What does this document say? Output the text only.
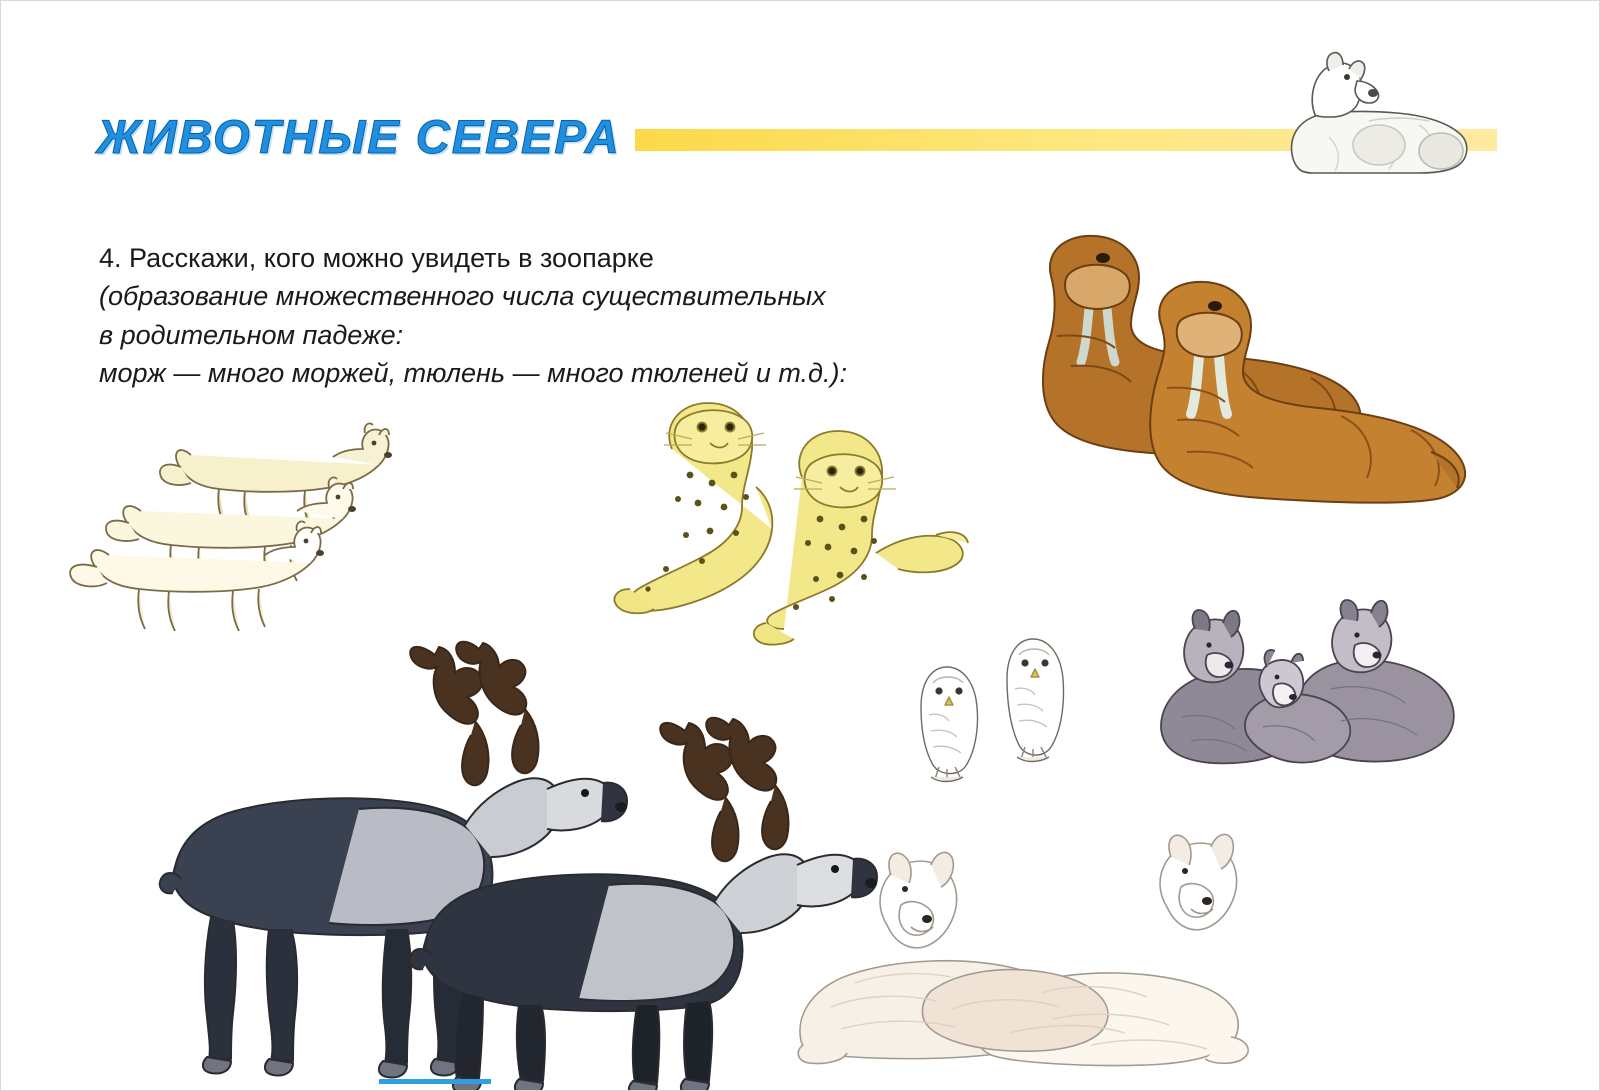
ЖИВОТНЫЕ СЕВЕРА
4. Расскажи, кого можно увидеть в зоопарке
(образование множественного числа существительных
в родительном падеже:
морж — много моржей, тюлень — много тюленей и т.д.):
